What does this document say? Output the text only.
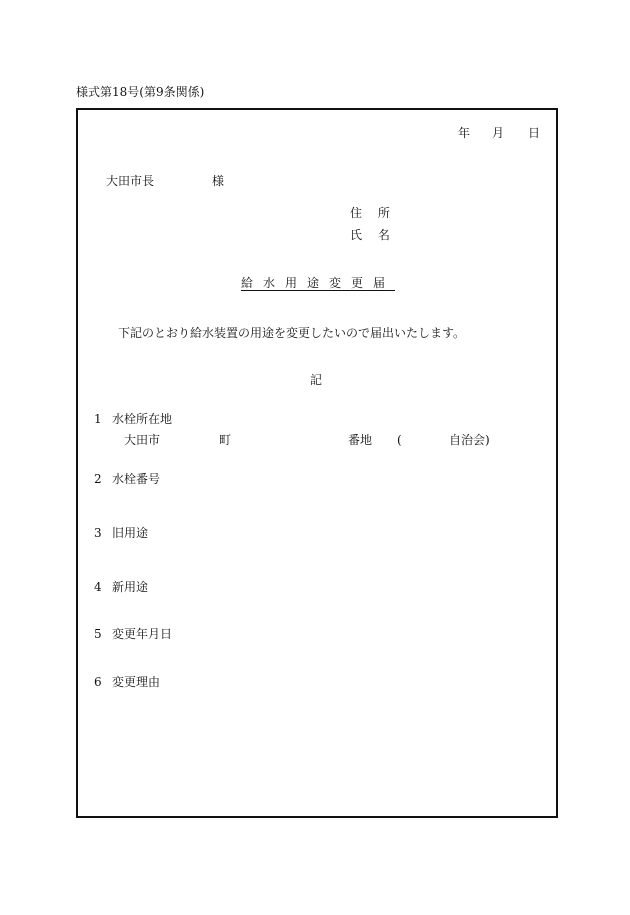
様式第18号(第9条関係)
年 月 日
大田市長	様
住 所
氏 名
給水用途変更届
下記のとおり給水装置の用途を変更したいので届出いたします。
記
1 水栓所在地
大田市	町	番地 (	自治会)
2 水栓番号
3 旧用途
4 新用途
5 変更年月日
6 変更理由
